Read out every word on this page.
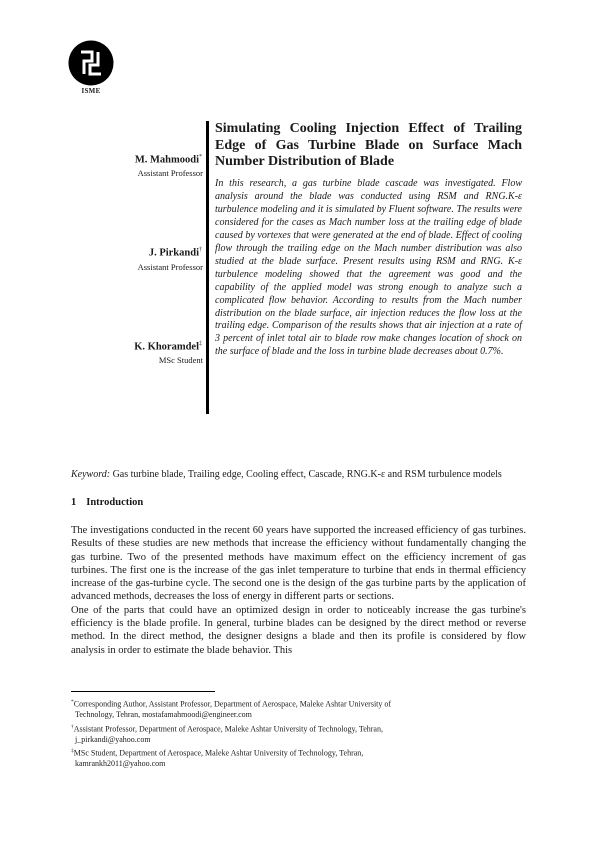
ISME
M. Mahmoodi*
Assistant Professor
J. Pirkandi†
Assistant Professor
K. Khoramdel‡
MSc Student
Simulating Cooling Injection Effect of Trailing Edge of Gas Turbine Blade on Surface Mach Number Distribution of Blade

In this research, a gas turbine blade cascade was investigated. Flow analysis around the blade was conducted using RSM and RNG.K-ε turbulence modeling and it is simulated by Fluent software. The results were considered for the cases as Mach number loss at the trailing edge of blade caused by vortexes that were generated at the end of blade. Effect of cooling flow through the trailing edge on the Mach number distribution was also studied at the blade surface. Present results using RSM and RNG. K-ε turbulence modeling showed that the agreement was good and the capability of the applied model was strong enough to analyze such a complicated flow behavior. According to results from the Mach number distribution on the blade surface, air injection reduces the flow loss at the trailing edge. Comparison of the results shows that air injection at a rate of 3 percent of inlet total air to blade row make changes location of shock on the surface of blade and the loss in turbine blade decreases about 0.7%.

Keyword: Gas turbine blade, Trailing edge, Cooling effect, Cascade, RNG.K-ε and RSM turbulence models

1 Introduction

The investigations conducted in the recent 60 years have supported the increased efficiency of gas turbines. Results of these studies are new methods that increase the efficiency without fundamentally changing the gas turbine. Two of the presented methods have maximum effect on the efficiency increment of gas turbines. The first one is the increase of the gas inlet temperature to turbine that ends in thermal efficiency increase of the gas-turbine cycle. The second one is the design of the gas turbine parts by the application of advanced methods, decreases the loss of energy in different parts or sections.

One of the parts that could have an optimized design in order to noticeably increase the gas turbine's efficiency is the blade profile. In general, turbine blades can be designed by the direct method or reverse method. In the direct method, the designer designs a blade and then its profile is considered by flow analysis in order to estimate the blade behavior. This

*Corresponding Author, Assistant Professor, Department of Aerospace, Maleke Ashtar University of
Technology, Tehran, mostafamahmoodi@engineer.com

†Assistant Professor, Department of Aerospace, Maleke Ashtar University of Technology, Tehran,
j_pirkandi@yahoo.com

‡MSc Student, Department of Aerospace, Maleke Ashtar University of Technology, Tehran,
kamrankh2011@yahoo.com
